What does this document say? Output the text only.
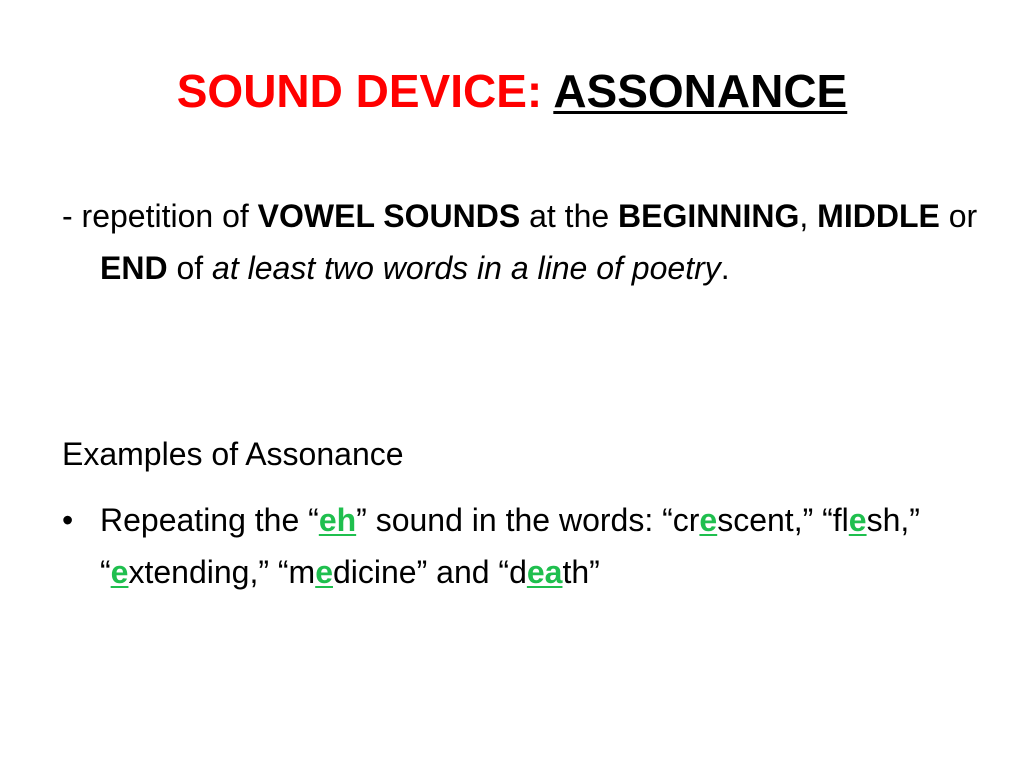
SOUND DEVICE: ASSONANCE
- repetition of VOWEL SOUNDS at the BEGINNING, MIDDLE or END of at least two words in a line of poetry.
Examples of Assonance
• Repeating the “eh” sound in the words: “crescent,” “flesh,” “extending,” “medicine” and “death”
